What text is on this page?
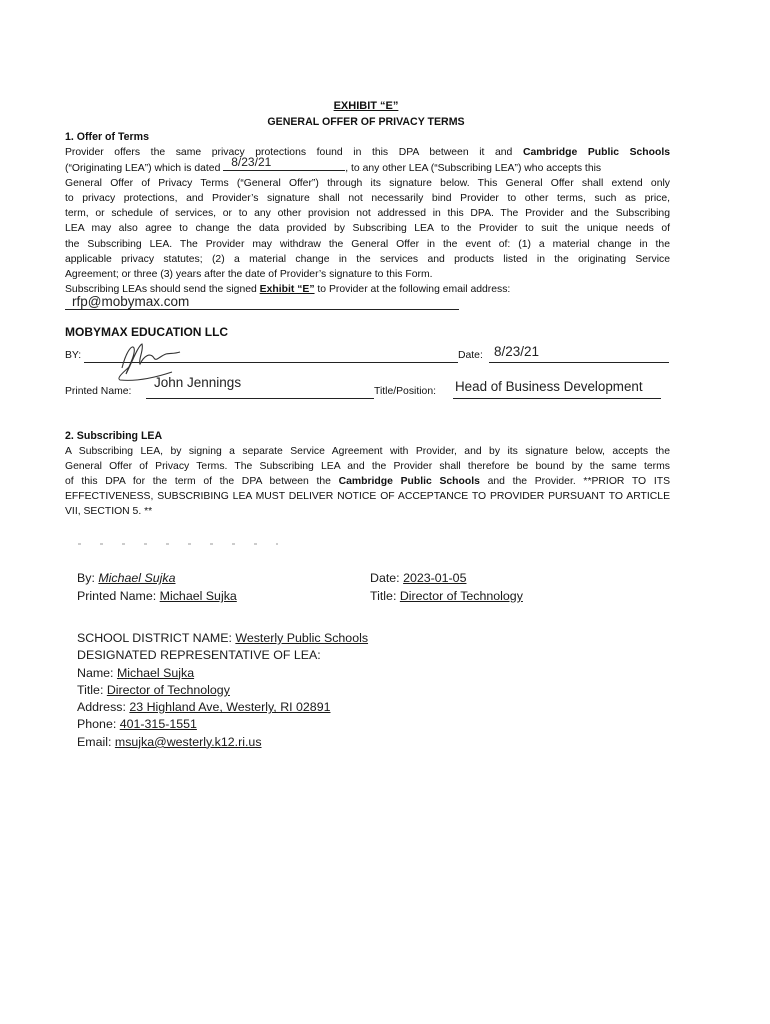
EXHIBIT “E”
GENERAL OFFER OF PRIVACY TERMS
1. Offer of Terms
Provider offers the same privacy protections found in this DPA between it and Cambridge Public Schools
(“Originating LEA”) which is dated 8/23/21	, to any other LEA (“Subscribing LEA”) who accepts this
General Offer of Privacy Terms (“General Offer”) through its signature below. This General Offer shall extend only
to privacy protections, and Provider’s signature shall not necessarily bind Provider to other terms, such as price,
term, or schedule of services, or to any other provision not addressed in this DPA. The Provider and the Subscribing
LEA may also agree to change the data provided by Subscribing LEA to the Provider to suit the unique needs of
the Subscribing LEA. The Provider may withdraw the General Offer in the event of: (1) a material change in the
applicable privacy statutes; (2) a material change in the services and products listed in the originating Service
Agreement; or three (3) years after the date of Provider’s signature to this Form.
Subscribing LEAs should send the signed Exhibit “E” to Provider at the following email address:
rfp@mobymax.com
MOBYMAX EDUCATION LLC
BY:	Date: 8/23/21
Printed Name:
John Jennings
Title/Position: Head of Business Development
2. Subscribing LEA
A Subscribing LEA, by signing a separate Service Agreement with Provider, and by its signature below, accepts the
General Offer of Privacy Terms. The Subscribing LEA and the Provider shall therefore be bound by the same terms
of this DPA for the term of the DPA between the Cambridge Public Schools and the Provider. **PRIOR TO ITS
EFFECTIVENESS, SUBSCRIBING LEA MUST DELIVER NOTICE OF ACCEPTANCE TO PROVIDER PURSUANT TO ARTICLE
VII, SECTION 5. **
By: Michael Sujka	Date: 2023-01-05
Printed Name: Michael Sujka	Title: Director of Technology
SCHOOL DISTRICT NAME: Westerly Public Schools
DESIGNATED REPRESENTATIVE OF LEA:
Name: Michael Sujka
Title: Director of Technology
Address: 23 Highland Ave, Westerly, RI 02891
Phone: 401-315-1551
Email: msujka@westerly.k12.ri.us
